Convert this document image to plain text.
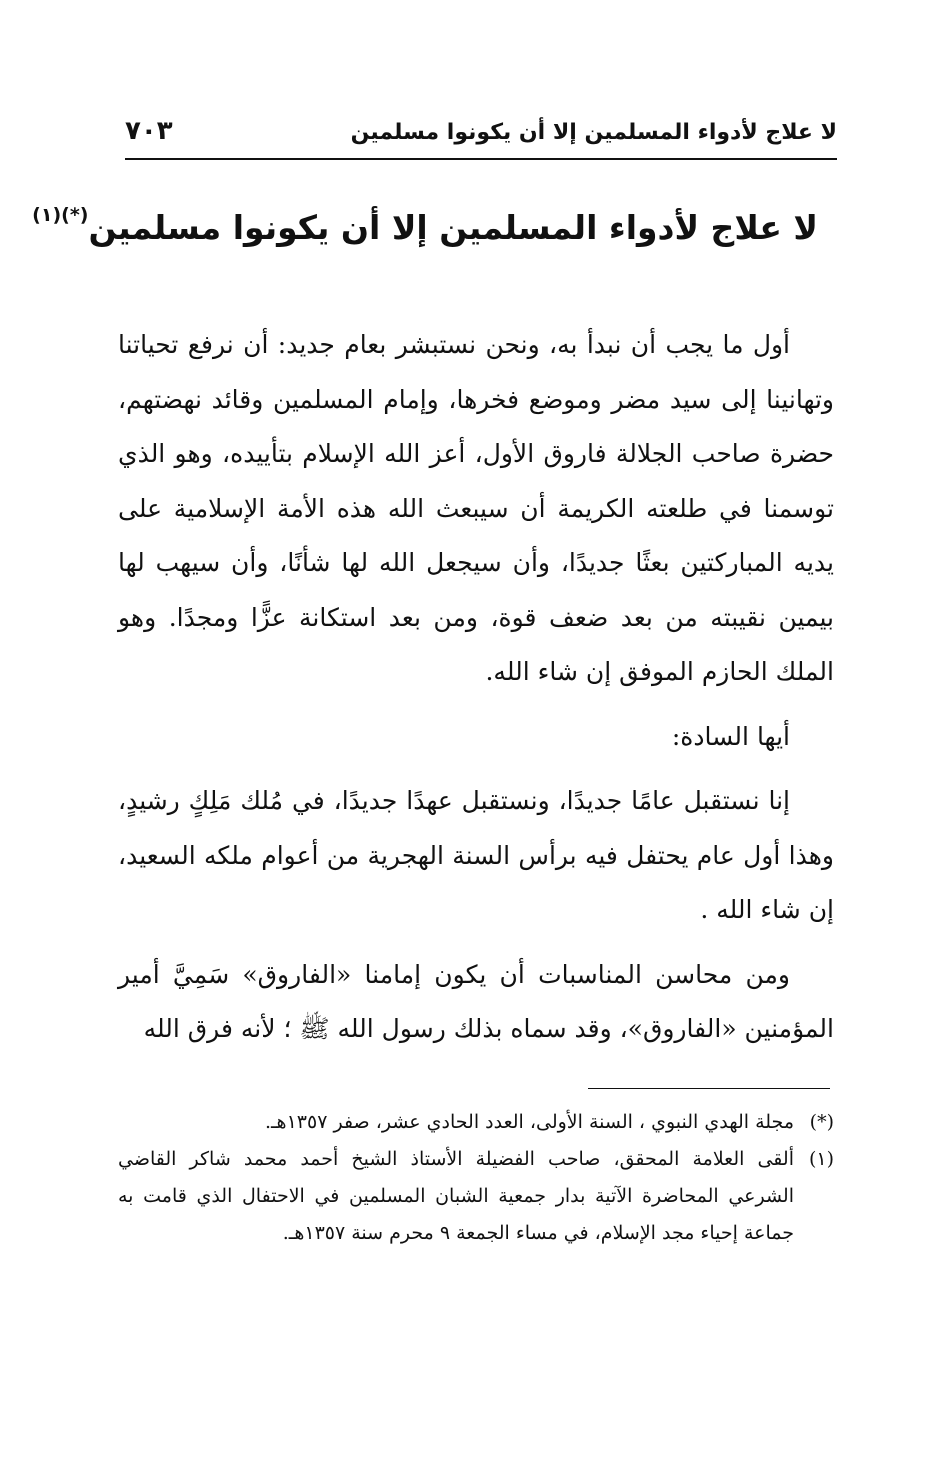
لا علاج لأدواء المسلمين إلا أن يكونوا مسلمين
٧٠٣
لا علاج لأدواء المسلمين إلا أن يكونوا مسلمين$^{(*)(١)}$

أول ما يجب أن نبدأ به، ونحن نستبشر بعام جديد: أن نرفع تحياتنا وتهانينا إلى سيد مضر وموضع فخرها، وإمام المسلمين وقائد نهضتهم، حضرة صاحب الجلالة فاروق الأول، أعز الله الإسلام بتأييده، وهو الذي توسمنا في طلعته الكريمة أن سيبعث الله هذه الأمة الإسلامية على يديه المباركتين بعثًا جديدًا، وأن سيجعل الله لها شأنًا، وأن سيهب لها بيمين نقيبته من بعد ضعف قوة، ومن بعد استكانة عزًّا ومجدًا. وهو الملك الحازم الموفق إن شاء الله.

أيها السادة:

إنا نستقبل عامًا جديدًا، ونستقبل عهدًا جديدًا، في مُلك مَلِكٍ رشيدٍ، وهذا أول عام يحتفل فيه برأس السنة الهجرية من أعوام ملكه السعيد، إن شاء الله .

ومن محاسن المناسبات أن يكون إمامنا «الفاروق» سَمِيَّ أمير المؤمنين «الفاروق»، وقد سماه بذلك رسول الله ﷺ ؛ لأنه فرق الله

(*)
مجلة الهدي النبوي ، السنة الأولى، العدد الحادي عشر، صفر ١٣٥٧هـ.
(١)
ألقى العلامة المحقق، صاحب الفضيلة الأستاذ الشيخ أحمد محمد شاكر القاضي الشرعي المحاضرة الآتية بدار جمعية الشبان المسلمين في الاحتفال الذي قامت به جماعة إحياء مجد الإسلام، في مساء الجمعة ٩ محرم سنة ١٣٥٧هـ.
